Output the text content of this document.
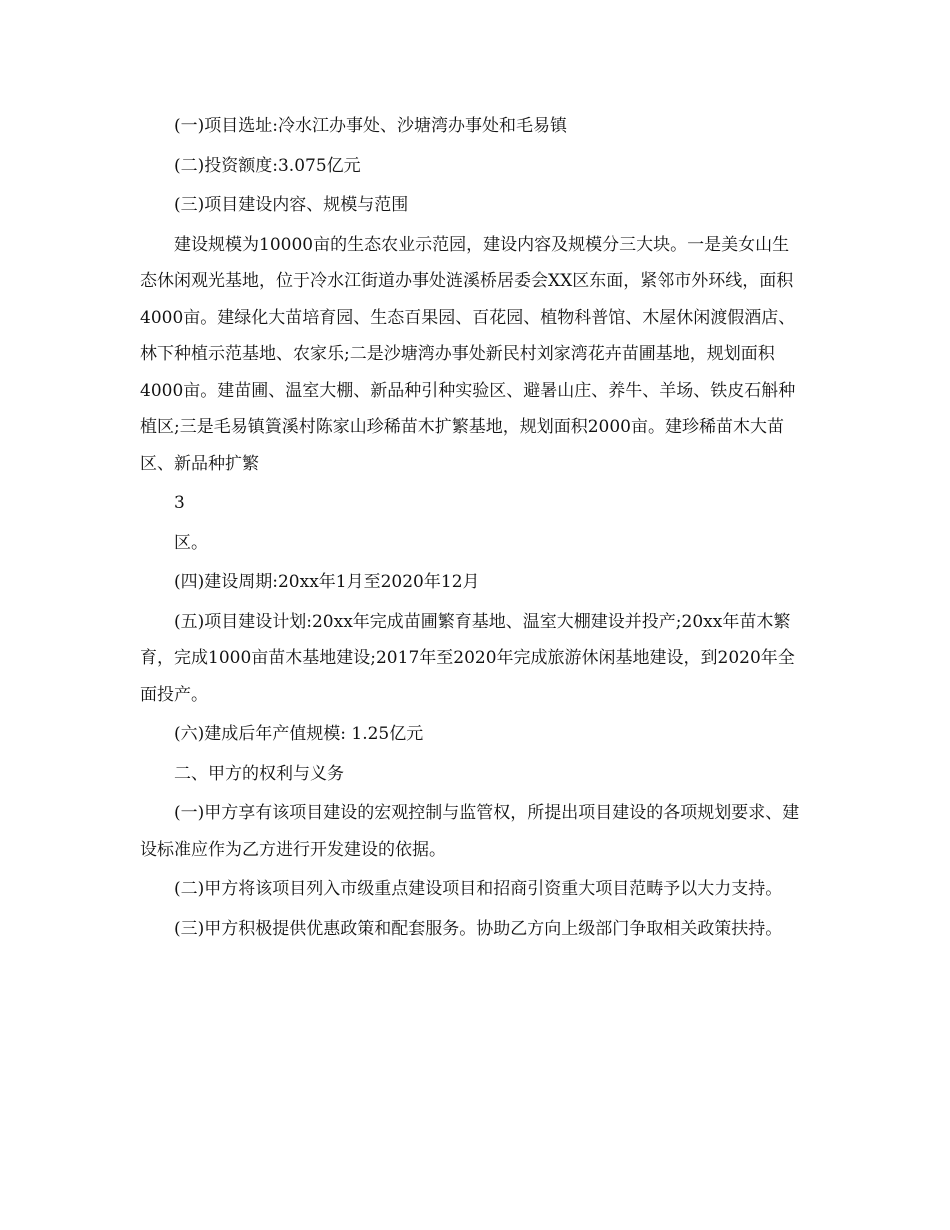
(一)项目选址:冷水江办事处、沙塘湾办事处和毛易镇

(二)投资额度:3.075亿元

(三)项目建设内容、规模与范围

建设规模为10000亩的生态农业示范园，建设内容及规模分三大块。一是美女山生态休闲观光基地，位于冷水江街道办事处涟溪桥居委会XX区东面，紧邻市外环线，面积4000亩。建绿化大苗培育园、生态百果园、百花园、植物科普馆、木屋休闲渡假酒店、林下种植示范基地、农家乐;二是沙塘湾办事处新民村刘家湾花卉苗圃基地，规划面积4000亩。建苗圃、温室大棚、新品种引种实验区、避暑山庄、养牛、羊场、铁皮石斛种植区;三是毛易镇篢溪村陈家山珍稀苗木扩繁基地，规划面积2000亩。建珍稀苗木大苗区、新品种扩繁

3

区。

(四)建设周期:20xx年1月至2020年12月

(五)项目建设计划:20xx年完成苗圃繁育基地、温室大棚建设并投产;20xx年苗木繁育，完成1000亩苗木基地建设;2017年至2020年完成旅游休闲基地建设，到2020年全面投产。

(六)建成后年产值规模: 1.25亿元

二、甲方的权利与义务

(一)甲方享有该项目建设的宏观控制与监管权，所提出项目建设的各项规划要求、建设标准应作为乙方进行开发建设的依据。

(二)甲方将该项目列入市级重点建设项目和招商引资重大项目范畴予以大力支持。

(三)甲方积极提供优惠政策和配套服务。协助乙方向上级部门争取相关政策扶持。
